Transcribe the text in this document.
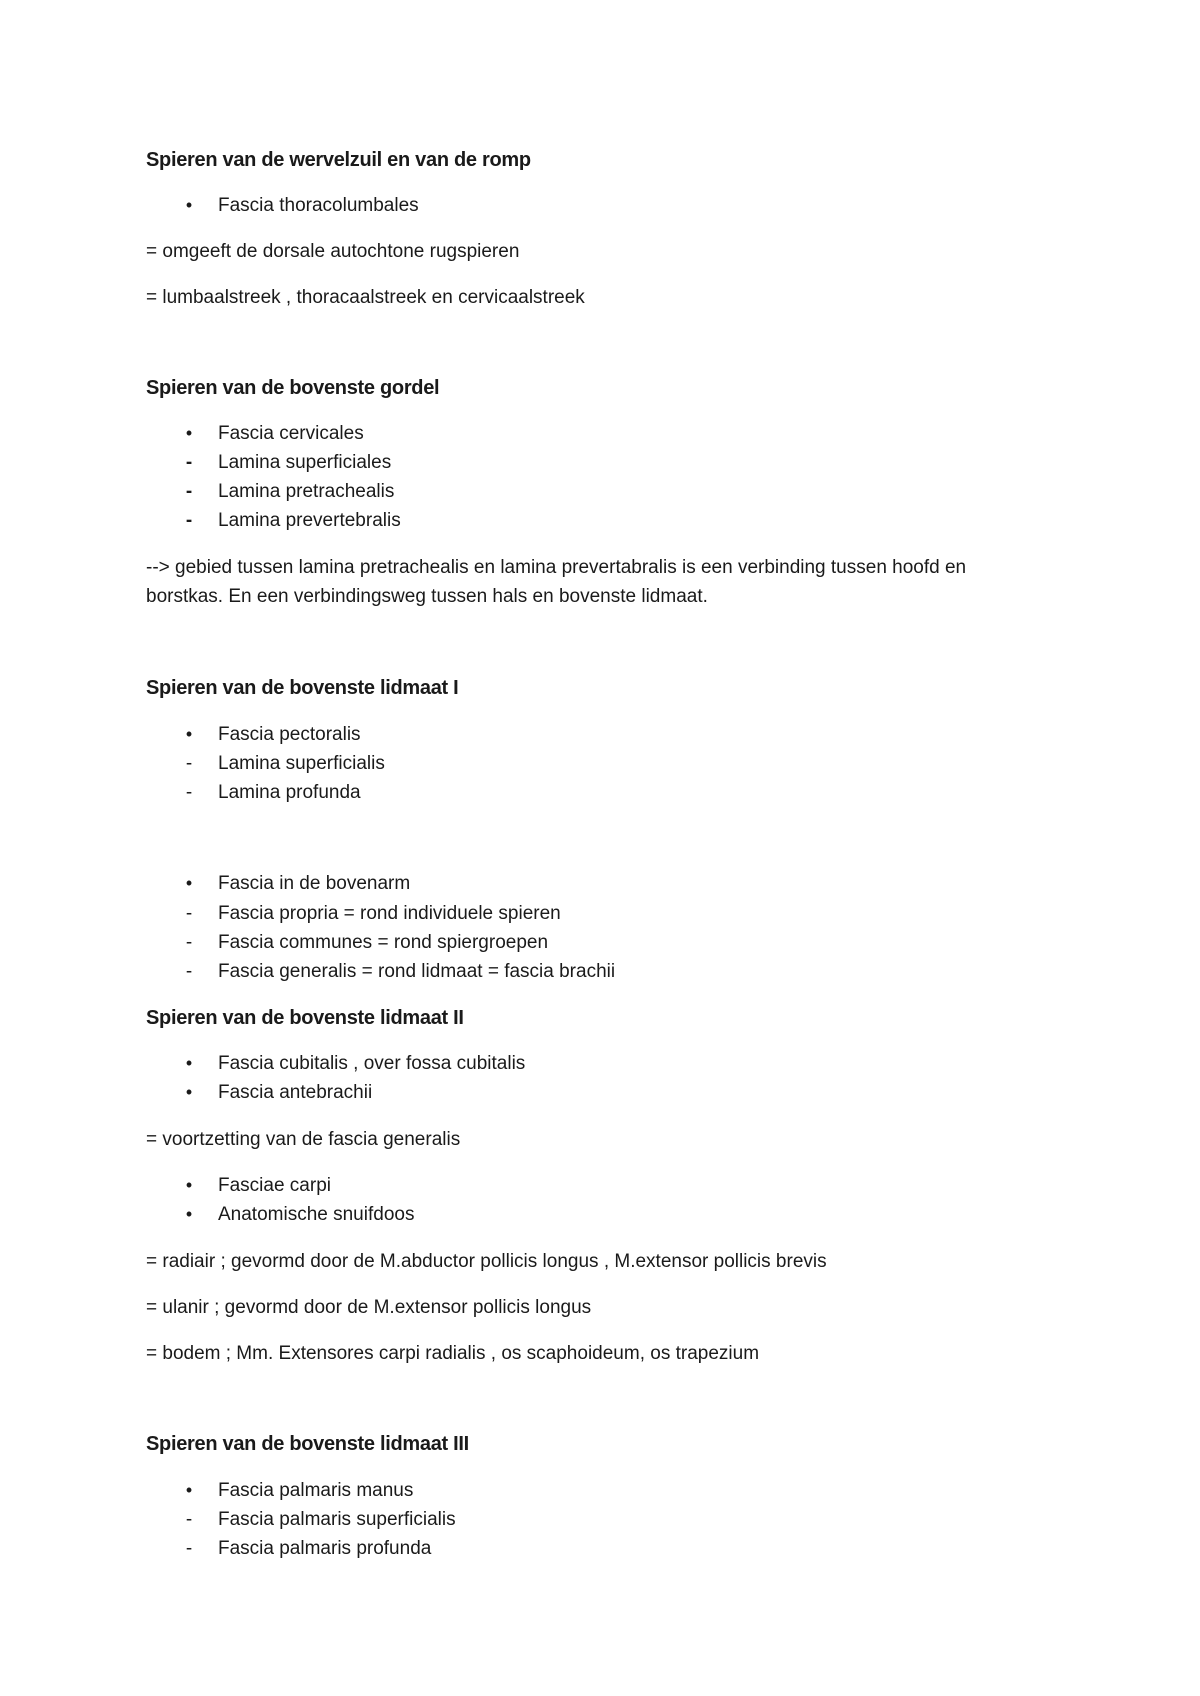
Spieren van de wervelzuil en van de romp
• Fascia thoracolumbales
= omgeeft de dorsale autochtone rugspieren
= lumbaalstreek , thoracaalstreek en cervicaalstreek
Spieren van de bovenste gordel
• Fascia cervicales
- Lamina superficiales
- Lamina pretrachealis
- Lamina prevertebralis
--> gebied tussen lamina pretrachealis en lamina prevertabralis is een verbinding tussen hoofd en
borstkas. En een verbindingsweg tussen hals en bovenste lidmaat.
Spieren van de bovenste lidmaat I
• Fascia pectoralis
- Lamina superficialis
- Lamina profunda
• Fascia in de bovenarm
- Fascia propria = rond individuele spieren
- Fascia communes = rond spiergroepen
- Fascia generalis = rond lidmaat = fascia brachii
Spieren van de bovenste lidmaat II
• Fascia cubitalis , over fossa cubitalis
• Fascia antebrachii
= voortzetting van de fascia generalis
• Fasciae carpi
• Anatomische snuifdoos
= radiair ; gevormd door de M.abductor pollicis longus , M.extensor pollicis brevis
= ulanir ; gevormd door de M.extensor pollicis longus
= bodem ; Mm. Extensores carpi radialis , os scaphoideum, os trapezium
Spieren van de bovenste lidmaat III
• Fascia palmaris manus
- Fascia palmaris superficialis
- Fascia palmaris profunda
